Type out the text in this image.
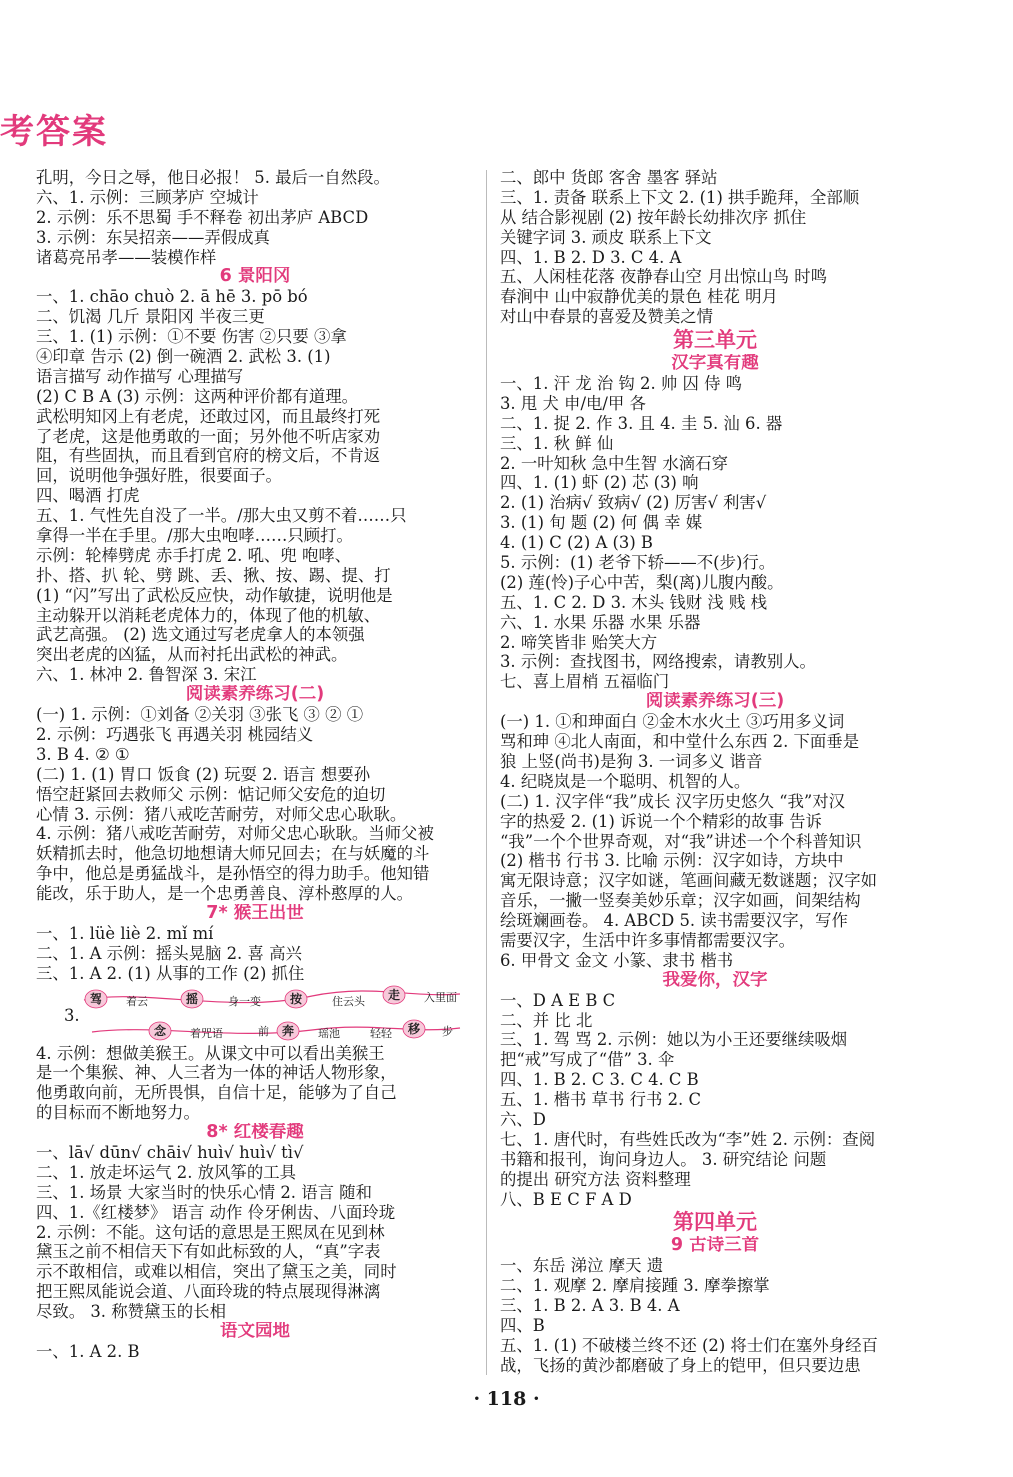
考答案
孔明，今日之辱，他日必报！ 5. 最后一自然段。
六、1. 示例：三顾茅庐 空城计
2. 示例：乐不思蜀 手不释卷 初出茅庐 ABCD
3. 示例：东吴招亲——弄假成真
诸葛亮吊孝——装模作样
6 景阳冈
一、1. chāo chuò 2. ā hē 3. pō bó
二、饥渴 几斤 景阳冈 半夜三更
三、1. (1) 示例：①不要 伤害 ②只要 ③拿
④印章 告示 (2) 倒一碗酒 2. 武松 3. (1)
语言描写 动作描写 心理描写
(2) C B A (3) 示例：这两种评价都有道理。
武松明知冈上有老虎，还敢过冈，而且最终打死
了老虎，这是他勇敢的一面；另外他不听店家劝
阻，有些固执，而且看到官府的榜文后，不肯返
回，说明他争强好胜，很要面子。
四、喝酒 打虎
五、1. 气性先自没了一半。/那大虫又剪不着……只
拿得一半在手里。/那大虫咆哮……只顾打。
示例：轮棒劈虎 赤手打虎 2. 吼、兜 咆哮、
扑、搭、扒 轮、劈 跳、丢、揪、按、踢、提、打
(1) “闪”写出了武松反应快，动作敏捷，说明他是
主动躲开以消耗老虎体力的，体现了他的机敏、
武艺高强。 (2) 选文通过写老虎拿人的本领强
突出老虎的凶猛，从而衬托出武松的神武。
六、1. 林冲 2. 鲁智深 3. 宋江
阅读素养练习(二)
(一) 1. 示例：①刘备 ②关羽 ③张飞 ③ ② ①
2. 示例：巧遇张飞 再遇关羽 桃园结义
3. B 4. ② ①
(二) 1. (1) 胃口 饭食 (2) 玩耍 2. 语言 想要孙
悟空赶紧回去救师父 示例：惦记师父安危的迫切
心情 3. 示例：猪八戒吃苦耐劳，对师父忠心耿耿。
4. 示例：猪八戒吃苦耐劳，对师父忠心耿耿。当师父被
妖精抓去时，他急切地想请大师兄回去；在与妖魔的斗
争中，他总是勇猛战斗，是孙悟空的得力助手。他知错
能改，乐于助人，是一个忠勇善良、淳朴憨厚的人。
7* 猴王出世
一、1. lüè liè 2. mǐ mí
二、1. A 示例：摇头晃脑 2. 喜 高兴
三、1. A 2. (1) 从事的工作 (2) 抓住
3.
驾 着云	摇	身一变 按	住云头 走 入里面
念 着咒语	前 奔 瑶池	轻轻 移 步
4. 示例：想做美猴王。从课文中可以看出美猴王
是一个集猴、神、人三者为一体的神话人物形象，
他勇敢向前，无所畏惧，自信十足，能够为了自己
的目标而不断地努力。
8* 红楼春趣
一、lā√ dūn√ chāi√ huì√ huì√ tì√
二、1. 放走坏运气 2. 放风筝的工具
三、1. 场景 大家当时的快乐心情 2. 语言 随和
四、1.《红楼梦》 语言 动作 伶牙俐齿、八面玲珑
2. 示例：不能。这句话的意思是王熙凤在见到林
黛玉之前不相信天下有如此标致的人，“真”字表
示不敢相信，或难以相信，突出了黛玉之美，同时
把王熙凤能说会道、八面玲珑的特点展现得淋漓
尽致。 3. 称赞黛玉的长相
语文园地
一、1. A 2. B
二、郎中 货郎 客舍 墨客 驿站
三、1. 责备 联系上下文 2. (1) 拱手跪拜，全部顺
从 结合影视剧 (2) 按年龄长幼排次序 抓住
关键字词 3. 顽皮 联系上下文
四、1. B 2. D 3. C 4. A
五、人闲桂花落 夜静春山空 月出惊山鸟 时鸣
春涧中 山中寂静优美的景色 桂花 明月
对山中春景的喜爱及赞美之情
第三单元
汉字真有趣
一、1. 汗 龙 治 钩 2. 帅 囚 侍 鸣
3. 甩 犬 申/电/甲 各
二、1. 捉 2. 作 3. 且 4. 圭 5. 汕 6. 器
三、1. 秋 鲜 仙
2. 一叶知秋 急中生智 水滴石穿
四、1. (1) 虾 (2) 芯 (3) 响
2. (1) 治病√ 致病√ (2) 厉害√ 利害√
3. (1) 旬 题 (2) 何 偶 幸 媒
4. (1) C (2) A (3) B
5. 示例：(1) 老爷下轿——不(步)行。
(2) 莲(怜)子心中苦，梨(离)儿腹内酸。
五、1. C 2. D 3. 木头 钱财 浅 贱 栈
六、1. 水果 乐器 水果 乐器
2. 啼笑皆非 贻笑大方
3. 示例：查找图书，网络搜索，请教别人。
七、喜上眉梢 五福临门
阅读素养练习(三)
(一) 1. ①和珅面白 ②金木水火土 ③巧用多义词
骂和珅 ④北人南面，和中堂什么东西 2. 下面垂是
狼 上竖(尚书)是狗 3. 一词多义 谐音
4. 纪晓岚是一个聪明、机智的人。
(二) 1. 汉字伴“我”成长 汉字历史悠久 “我”对汉
字的热爱 2. (1) 诉说一个个精彩的故事 告诉
“我”一个个世界奇观，对“我”讲述一个个科普知识
(2) 楷书 行书 3. 比喻 示例：汉字如诗，方块中
寓无限诗意；汉字如谜，笔画间藏无数谜题；汉字如
音乐，一撇一竖奏美妙乐章；汉字如画，间架结构
绘斑斓画卷。 4. ABCD 5. 读书需要汉字，写作
需要汉字，生活中许多事情都需要汉字。
6. 甲骨文 金文 小篆、隶书 楷书
我爱你，汉字
一、D A E B C
二、并 比 北
三、1. 驾 骂 2. 示例：她以为小王还要继续吸烟
把“戒”写成了“借” 3. 伞
四、1. B 2. C 3. C 4. C B
五、1. 楷书 草书 行书 2. C
六、D
七、1. 唐代时，有些姓氏改为“李”姓 2. 示例：查阅
书籍和报刊，询问身边人。 3. 研究结论 问题
的提出 研究方法 资料整理
八、B E C F A D
第四单元
9 古诗三首
一、东岳 涕泣 摩天 遗
二、1. 观摩 2. 摩肩接踵 3. 摩拳擦掌
三、1. B 2. A 3. B 4. A
四、B
五、1. (1) 不破楼兰终不还 (2) 将士们在塞外身经百
战，飞扬的黄沙都磨破了身上的铠甲，但只要边患
· 118 ·
